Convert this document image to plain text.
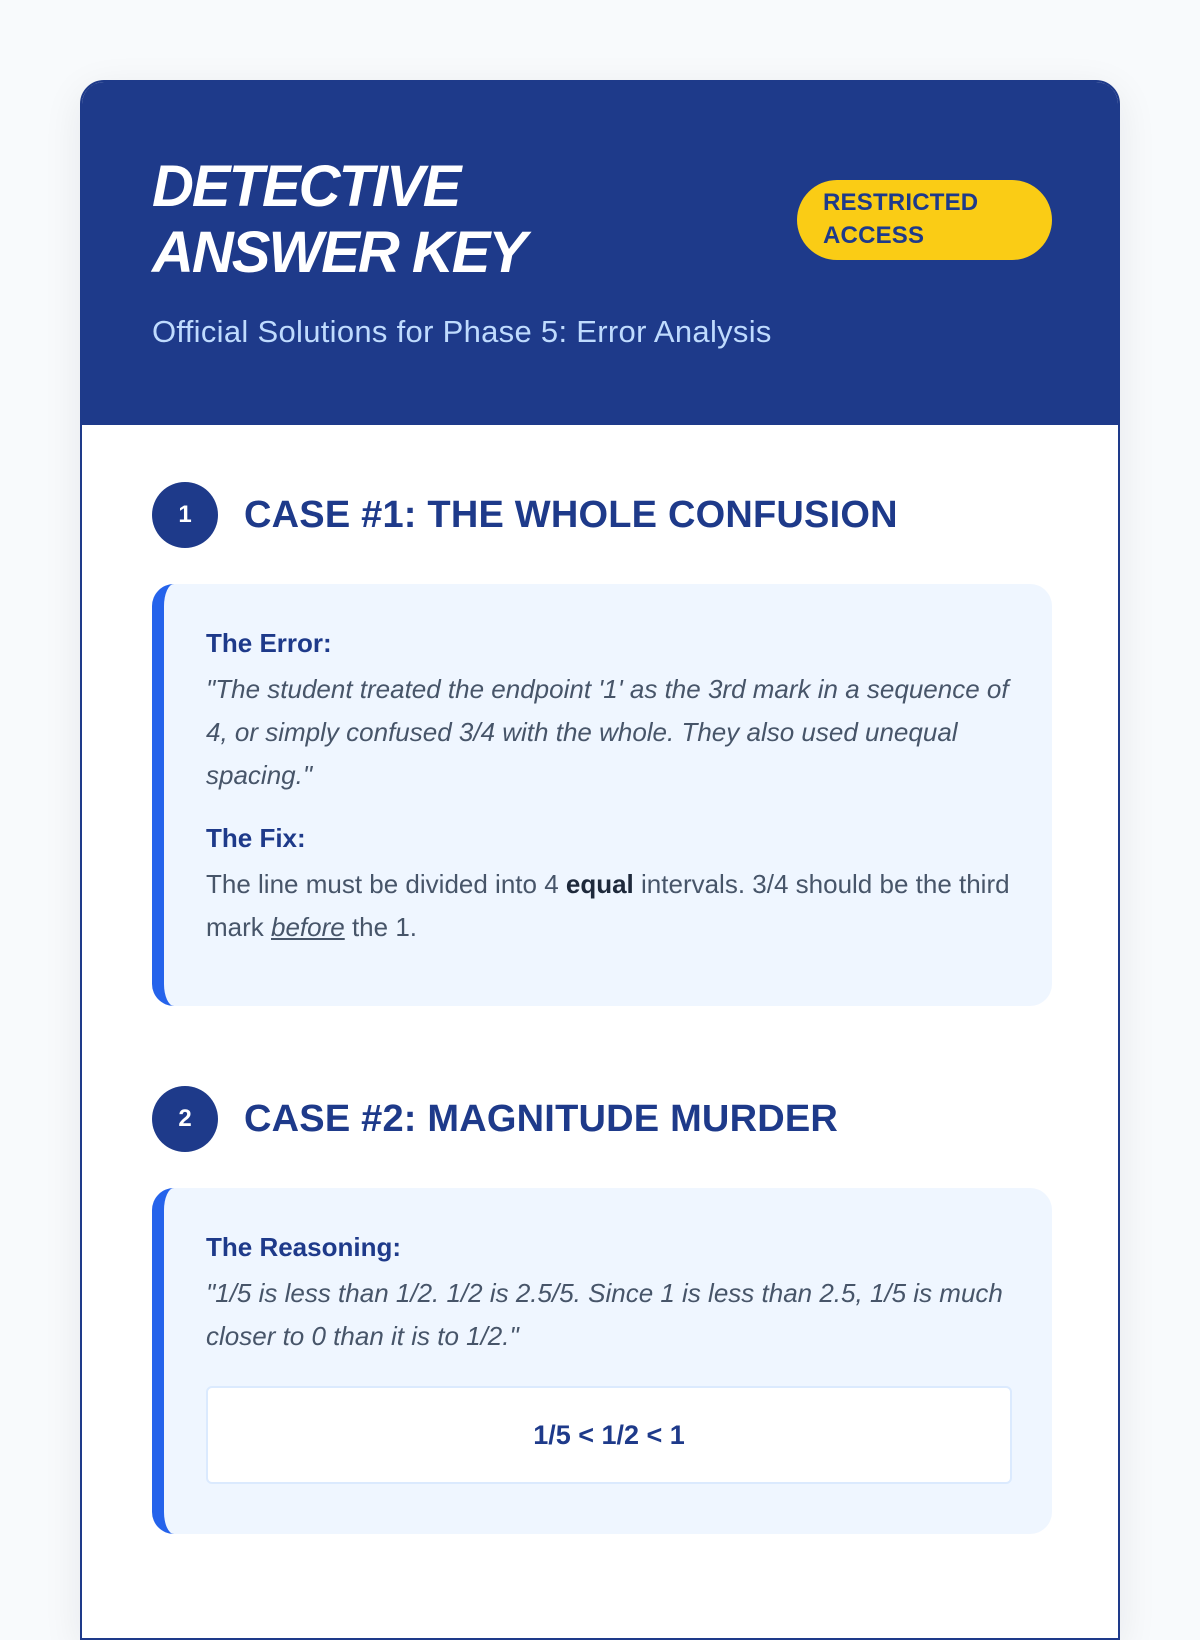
DETECTIVE
ANSWER KEY
RESTRICTED
ACCESS

Official Solutions for Phase 5: Error Analysis

1	CASE #1: THE WHOLE CONFUSION

The Error:

"The student treated the endpoint '1' as the 3rd mark in a sequence of 4, or simply confused 3/4 with the whole. They also used unequal spacing."

The Fix:

The line must be divided into 4 equal intervals. 3/4 should be the third mark before the 1.

2	CASE #2: MAGNITUDE MURDER

The Reasoning:

"1/5 is less than 1/2. 1/2 is 2.5/5. Since 1 is less than 2.5, 1/5 is much closer to 0 than it is to 1/2."

1/5 < 1/2 < 1
